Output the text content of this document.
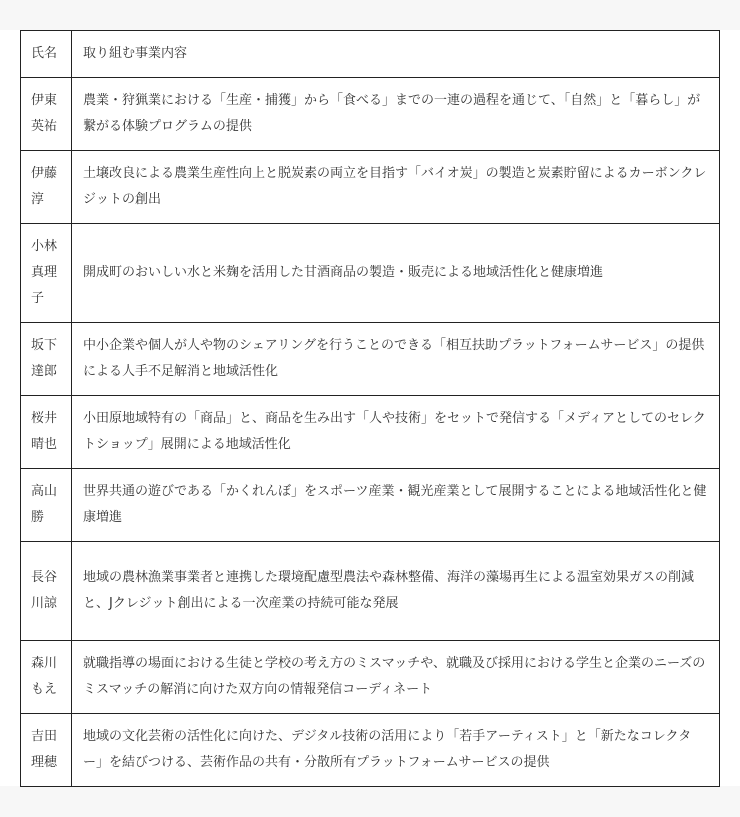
氏名	取り組む事業内容

伊東英祐	農業・狩猟業における「生産・捕獲」から「食べる」までの一連の過程を通じて、「自然」と「暮らし」が繋がる体験プログラムの提供

伊藤淳	土壌改良による農業生産性向上と脱炭素の両立を目指す「バイオ炭」の製造と炭素貯留によるカーボンクレジットの創出

小林真理子	開成町のおいしい水と米麹を活用した甘酒商品の製造・販売による地域活性化と健康増進

坂下達郎	中小企業や個人が人や物のシェアリングを行うことのできる「相互扶助プラットフォームサービス」の提供による人手不足解消と地域活性化

桜井晴也	小田原地域特有の「商品」と、商品を生み出す「人や技術」をセットで発信する「メディアとしてのセレクトショップ」展開による地域活性化

高山勝	世界共通の遊びである「かくれんぼ」をスポーツ産業・観光産業として展開することによる地域活性化と健康増進

長谷川諒	地域の農林漁業事業者と連携した環境配慮型農法や森林整備、海洋の藻場再生による温室効果ガスの削減と、Jクレジット創出による一次産業の持続可能な発展

森川もえ	就職指導の場面における生徒と学校の考え方のミスマッチや、就職及び採用における学生と企業のニーズのミスマッチの解消に向けた双方向の情報発信コーディネート

吉田理穂	地域の文化芸術の活性化に向けた、デジタル技術の活用により「若手アーティスト」と「新たなコレクター」を結びつける、芸術作品の共有・分散所有プラットフォームサービスの提供
